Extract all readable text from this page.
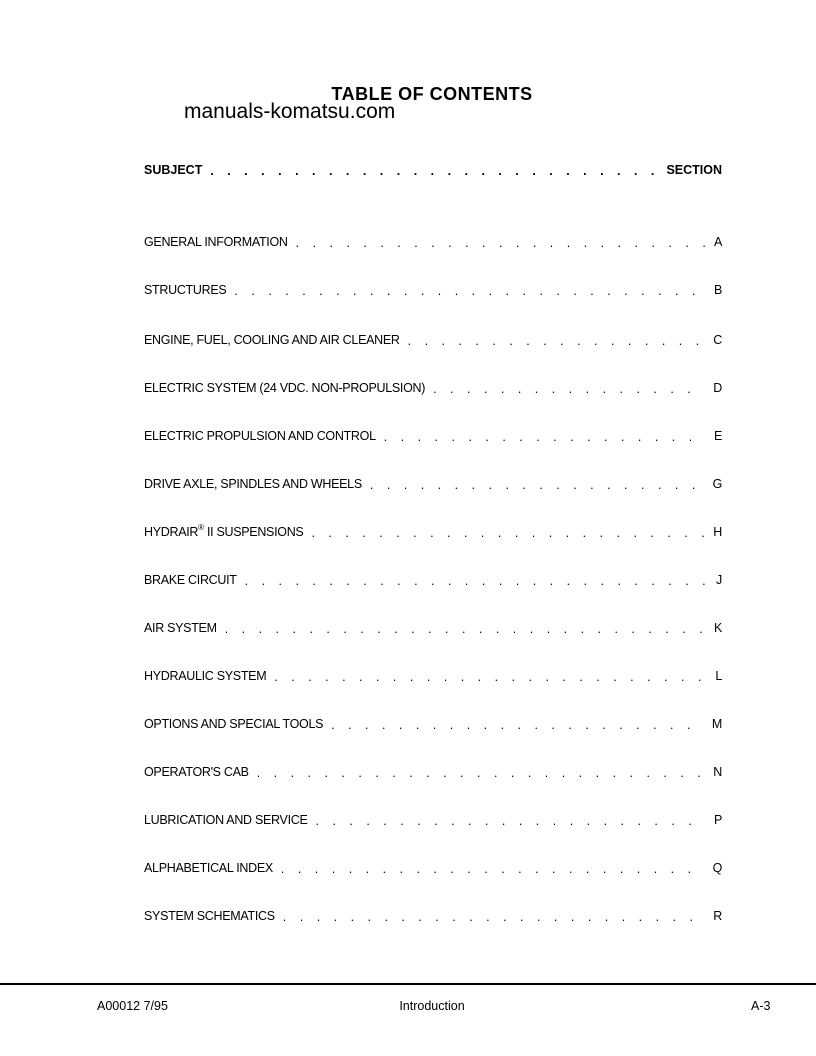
TABLE OF CONTENTS
manuals-komatsu.com
SUBJECT . . .	SECTION
GENERAL INFORMATION . . .	A
STRUCTURES . . .	B
ENGINE, FUEL, COOLING AND AIR CLEANER . . .	C
ELECTRIC SYSTEM (24 VDC. NON-PROPULSION) . . .	D
ELECTRIC PROPULSION AND CONTROL . . .	E
DRIVE AXLE, SPINDLES AND WHEELS . . .	G
HYDRAIR® II SUSPENSIONS . . .	H
BRAKE CIRCUIT . . .	J
AIR SYSTEM . . .	K
HYDRAULIC SYSTEM . . .	L
OPTIONS AND SPECIAL TOOLS . . .	M
OPERATOR'S CAB . . .	N
LUBRICATION AND SERVICE . . .	P
ALPHABETICAL INDEX . . .	Q
SYSTEM SCHEMATICS . . .	R
A00012 7/95	Introduction	A-3
